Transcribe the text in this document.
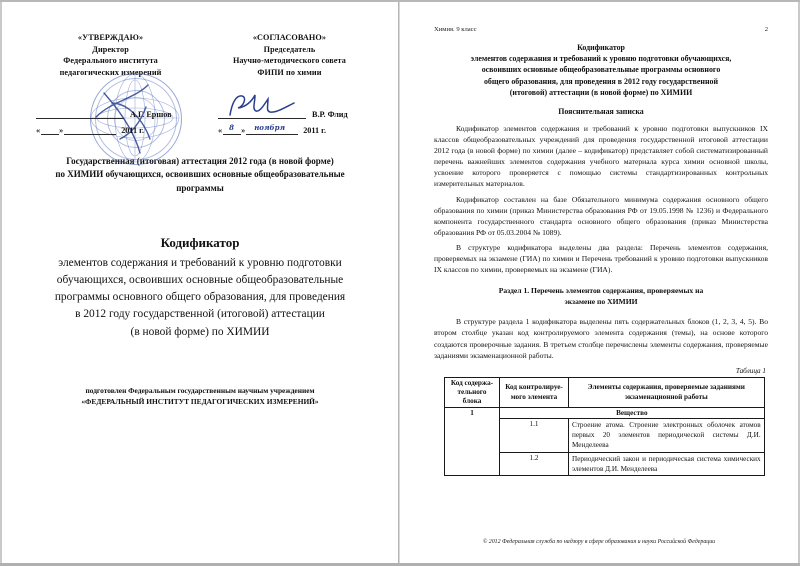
«УТВЕРЖДАЮ»
Директор
Федерального института
педагогических измерений
«СОГЛАСОВАНО»
Председатель
Научно-методического совета
ФИПИ по химии
А.Г. Ершов
« »	2011 г.
В.Р. Флид
« 8 » ноября 2011 г.
Государственная (итоговая) аттестация 2012 года (в новой форме)
по ХИМИИ обучающихся, освоивших основные общеобразовательные
программы
Кодификатор
элементов содержания и требований к уровню подготовки
обучающихся, освоивших основные общеобразовательные
программы основного общего образования, для проведения
в 2012 году государственной (итоговой) аттестации
(в новой форме) по ХИМИИ
подготовлен Федеральным государственным научным учреждением
«ФЕДЕРАЛЬНЫЙ ИНСТИТУТ ПЕДАГОГИЧЕСКИХ ИЗМЕРЕНИЙ»
Химия. 9 класс	2
Кодификатор
элементов содержания и требований к уровню подготовки обучающихся,
освоивших основные общеобразовательные программы основного
общего образования, для проведения в 2012 году государственной
(итоговой) аттестации (в новой форме) по ХИМИИ
Пояснительная записка

Кодификатор элементов содержания и требований к уровню подготовки выпускников IX классов общеобразовательных учреждений для проведения государственной итоговой аттестации 2012 года (в новой форме) по химии (далее – кодификатор) представляет собой систематизированный перечень важнейших элементов содержания учебного материала курса химии основной школы, усвоение которого проверяется с помощью системы стандартизированных контрольных измерительных материалов.

Кодификатор составлен на базе Обязательного минимума содержания основного общего образования по химии (приказ Министерства образования РФ от 19.05.1998 № 1236) и Федерального компонента государственного стандарта основного общего образования (приказ Министерства образования РФ от 05.03.2004 № 1089).

В структуре кодификатора выделены два раздела: Перечень элементов содержания, проверяемых на экзамене (ГИА) по химии и Перечень требований к уровню подготовки выпускников IX классов по химии, проверяемых на экзамене (ГИА).

Раздел 1. Перечень элементов содержания, проверяемых на
экзамене по ХИМИИ

В структуре раздела 1 кодификатора выделены пять содержательных блоков (1, 2, 3, 4, 5). Во втором столбце указан код контролируемого элемента содержания (темы), на основе которого создаются проверочные задания. В третьем столбце перечислены элементы содержания, проверяемые заданиями экзаменационной работы.

Таблица 1
Код содержа-тельного блока	Код контролируе-мого элемента	Элементы содержания, проверяемые заданиями экзаменационной работы
1	Вещество	
	1.1	Строение атома. Строение электронных оболочек атомов первых 20 элементов периодической системы Д.И. Менделеева
	1.2	Периодический закон и периодическая система химических элементов Д.И. Менделеева
© 2012 Федеральная служба по надзору в сфере образования и науки Российской Федерации
